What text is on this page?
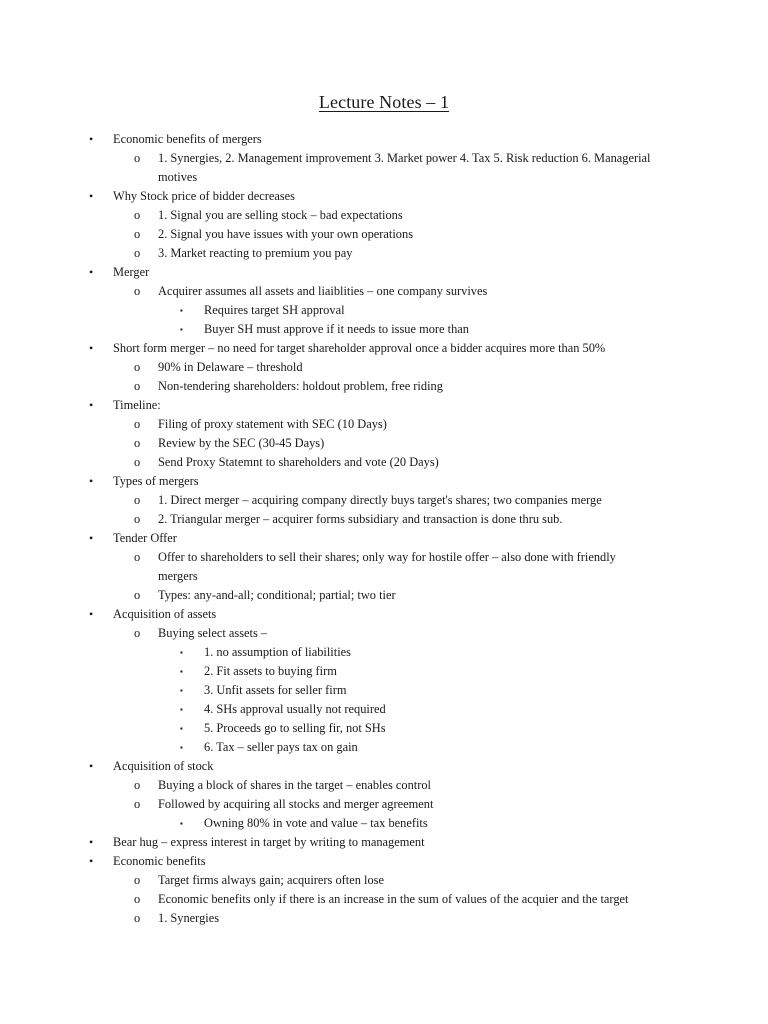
Lecture Notes – 1
• Economic benefits of mergers
o 1. Synergies, 2. Management improvement 3. Market power 4. Tax 5. Risk reduction 6. Managerial motives
• Why Stock price of bidder decreases
o 1. Signal you are selling stock – bad expectations
o 2. Signal you have issues with your own operations
o 3. Market reacting to premium you pay
• Merger
o Acquirer assumes all assets and liaiblities – one company survives
▪ Requires target SH approval
▪ Buyer SH must approve if it needs to issue more than
• Short form merger – no need for target shareholder approval once a bidder acquires more than 50%
o 90% in Delaware – threshold
o Non-tendering shareholders: holdout problem, free riding
• Timeline:
o Filing of proxy statement with SEC (10 Days)
o Review by the SEC (30-45 Days)
o Send Proxy Statemnt to shareholders and vote (20 Days)
• Types of mergers
o 1. Direct merger – acquiring company directly buys target's shares; two companies merge
o 2. Triangular merger – acquirer forms subsidiary and transaction is done thru sub.
• Tender Offer
o Offer to shareholders to sell their shares; only way for hostile offer – also done with friendly mergers
o Types: any-and-all; conditional; partial; two tier
• Acquisition of assets
o Buying select assets –
▪ 1. no assumption of liabilities
▪ 2. Fit assets to buying firm
▪ 3. Unfit assets for seller firm
▪ 4. SHs approval usually not required
▪ 5. Proceeds go to selling fir, not SHs
▪ 6. Tax – seller pays tax on gain
• Acquisition of stock
o Buying a block of shares in the target – enables control
o Followed by acquiring all stocks and merger agreement
▪ Owning 80% in vote and value – tax benefits
• Bear hug – express interest in target by writing to management
• Economic benefits
o Target firms always gain; acquirers often lose
o Economic benefits only if there is an increase in the sum of values of the acquier and the target
o 1. Synergies
